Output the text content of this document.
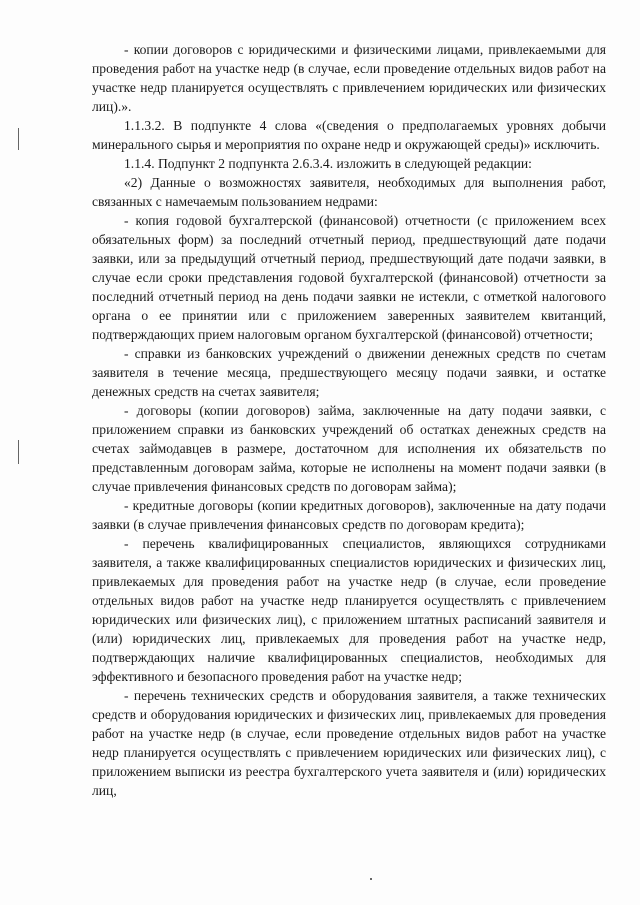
- копии договоров с юридическими и физическими лицами, привлекаемыми для проведения работ на участке недр (в случае, если проведение отдельных видов работ на участке недр планируется осуществлять с привлечением юридических или физических лиц).».

1.1.3.2. В подпункте 4 слова «(сведения о предполагаемых уровнях добычи минерального сырья и мероприятия по охране недр и окружающей среды)» исключить.

1.1.4. Подпункт 2 подпункта 2.6.3.4. изложить в следующей редакции:

«2) Данные о возможностях заявителя, необходимых для выполнения работ, связанных с намечаемым пользованием недрами:

- копия годовой бухгалтерской (финансовой) отчетности (с приложением всех обязательных форм) за последний отчетный период, предшествующий дате подачи заявки, или за предыдущий отчетный период, предшествующий дате подачи заявки, в случае если сроки представления годовой бухгалтерской (финансовой) отчетности за последний отчетный период на день подачи заявки не истекли, с отметкой налогового органа о ее принятии или с приложением заверенных заявителем квитанций, подтверждающих прием налоговым органом бухгалтерской (финансовой) отчетности;

- справки из банковских учреждений о движении денежных средств по счетам заявителя в течение месяца, предшествующего месяцу подачи заявки, и остатке денежных средств на счетах заявителя;

- договоры (копии договоров) займа, заключенные на дату подачи заявки, с приложением справки из банковских учреждений об остатках денежных средств на счетах займодавцев в размере, достаточном для исполнения их обязательств по представленным договорам займа, которые не исполнены на момент подачи заявки (в случае привлечения финансовых средств по договорам займа);

- кредитные договоры (копии кредитных договоров), заключенные на дату подачи заявки (в случае привлечения финансовых средств по договорам кредита);

- перечень квалифицированных специалистов, являющихся сотрудниками заявителя, а также квалифицированных специалистов юридических и физических лиц, привлекаемых для проведения работ на участке недр (в случае, если проведение отдельных видов работ на участке недр планируется осуществлять с привлечением юридических или физических лиц), с приложением штатных расписаний заявителя и (или) юридических лиц, привлекаемых для проведения работ на участке недр, подтверждающих наличие квалифицированных специалистов, необходимых для эффективного и безопасного проведения работ на участке недр;

- перечень технических средств и оборудования заявителя, а также технических средств и оборудования юридических и физических лиц, привлекаемых для проведения работ на участке недр (в случае, если проведение отдельных видов работ на участке недр планируется осуществлять с привлечением юридических или физических лиц), с приложением выписки из реестра бухгалтерского учета заявителя и (или) юридических лиц,
